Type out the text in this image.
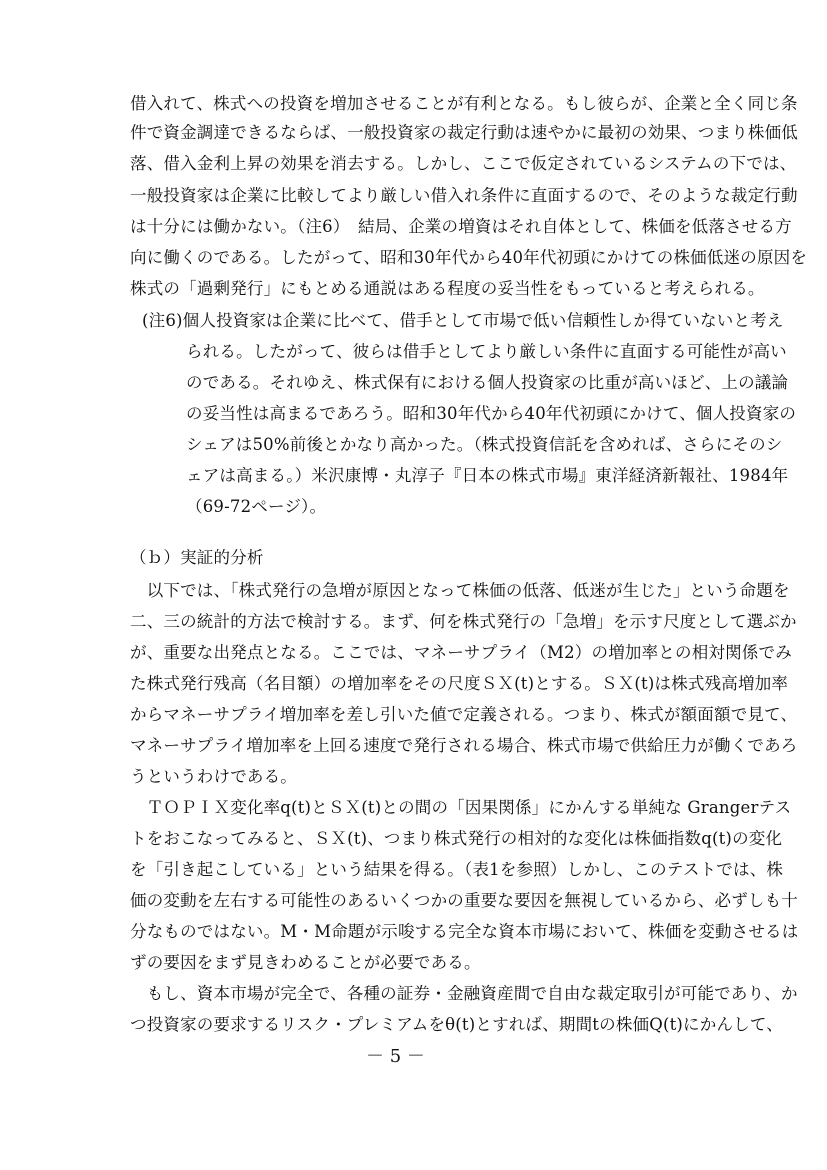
借入れて、株式への投資を増加させることが有利となる。もし彼らが、企業と全く同じ条
件で資金調達できるならば、一般投資家の裁定行動は速やかに最初の効果、つまり株価低
落、借入金利上昇の効果を消去する。しかし、ここで仮定されているシステムの下では、
一般投資家は企業に比較してより厳しい借入れ条件に直面するので、そのような裁定行動
は十分には働かない。（注6）　結局、企業の増資はそれ自体として、株価を低落させる方
向に働くのである。したがって、昭和30年代から40年代初頭にかけての株価低迷の原因を
株式の「過剰発行」にもとめる通説はある程度の妥当性をもっていると考えられる。
(注6)個人投資家は企業に比べて、借手として市場で低い信頼性しか得ていないと考え
られる。したがって、彼らは借手としてより厳しい条件に直面する可能性が高い
のである。それゆえ、株式保有における個人投資家の比重が高いほど、上の議論
の妥当性は高まるであろう。昭和30年代から40年代初頭にかけて、個人投資家の
シェアは50%前後とかなり高かった。（株式投資信託を含めれば、さらにそのシ
ェアは高まる。）米沢康博・丸淳子『日本の株式市場』東洋経済新報社、1984年
（69-72ページ）。
（ｂ）実証的分析
　以下では、「株式発行の急増が原因となって株価の低落、低迷が生じた」という命題を
二、三の統計的方法で検討する。まず、何を株式発行の「急増」を示す尺度として選ぶか
が、重要な出発点となる。ここでは、マネーサプライ（M2）の増加率との相対関係でみ
た株式発行残高（名目額）の増加率をその尺度ＳＸ(t)とする。ＳＸ(t)は株式残高増加率
からマネーサプライ増加率を差し引いた値で定義される。つまり、株式が額面額で見て、
マネーサプライ増加率を上回る速度で発行される場合、株式市場で供給圧力が働くであろ
うというわけである。
　ＴＯＰＩＸ変化率q(t)とＳＸ(t)との間の「因果関係」にかんする単純な Grangerテス
トをおこなってみると、ＳＸ(t)、つまり株式発行の相対的な変化は株価指数q(t)の変化
を「引き起こしている」という結果を得る。（表1を参照）しかし、このテストでは、株
価の変動を左右する可能性のあるいくつかの重要な要因を無視しているから、必ずしも十
分なものではない。M・M命題が示唆する完全な資本市場において、株価を変動させるは
ずの要因をまず見きわめることが必要である。
　もし、資本市場が完全で、各種の証券・金融資産間で自由な裁定取引が可能であり、か
つ投資家の要求するリスク・プレミアムをθ(t)とすれば、期間tの株価Q(t)にかんして、
－ 5 －
